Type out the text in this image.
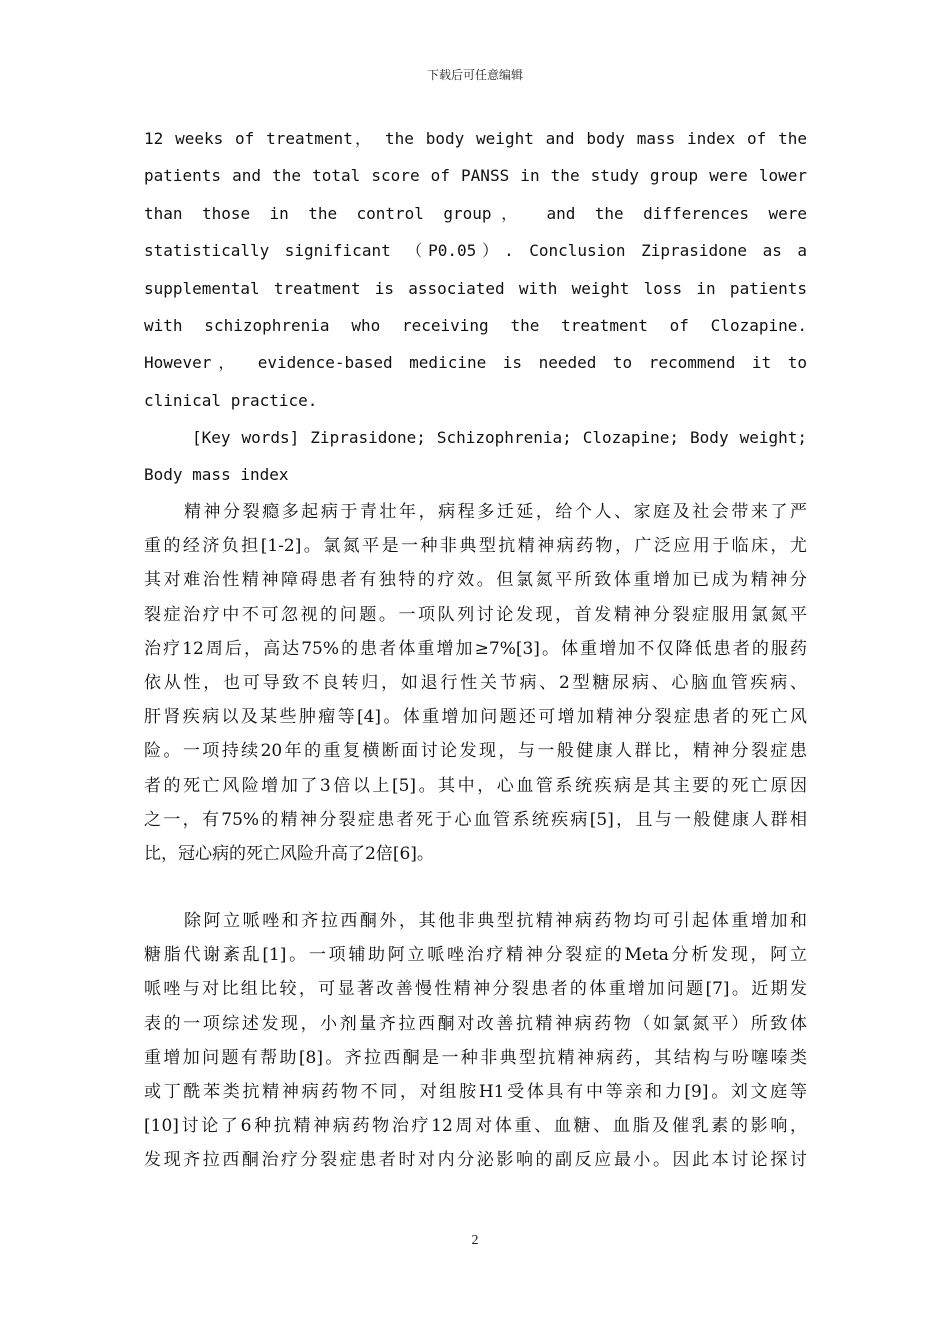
下载后可任意编辑
12 weeks of treatment， the body weight and body mass index of the
patients and the total score of PANSS in the study group were lower
than those in the control group， and the differences were
statistically significant （P0.05）. Conclusion Ziprasidone as a
supplemental treatment is associated with weight loss in patients
with schizophrenia who receiving the treatment of Clozapine.
However， evidence-based medicine is needed to recommend it to
clinical practice.
[Key words] Ziprasidone; Schizophrenia; Clozapine; Body weight;
Body mass index
精神分裂瘾多起病于青壮年，病程多迁延，给个人、家庭及社会带来了严
重的经济负担[1-2]。氯氮平是一种非典型抗精神病药物，广泛应用于临床，尤
其对难治性精神障碍患者有独特的疗效。但氯氮平所致体重增加已成为精神分
裂症治疗中不可忽视的问题。一项队列讨论发现，首发精神分裂症服用氯氮平
治疗12周后，高达75%的患者体重增加≥7%[3]。体重增加不仅降低患者的服药
依从性，也可导致不良转归，如退行性关节病、2型糖尿病、心脑血管疾病、
肝肾疾病以及某些肿瘤等[4]。体重增加问题还可增加精神分裂症患者的死亡风
险。一项持续20年的重复横断面讨论发现，与一般健康人群比，精神分裂症患
者的死亡风险增加了3倍以上[5]。其中，心血管系统疾病是其主要的死亡原因
之一，有75%的精神分裂症患者死于心血管系统疾病[5]，且与一般健康人群相
比，冠心病的死亡风险升高了2倍[6]。
除阿立哌唑和齐拉西酮外，其他非典型抗精神病药物均可引起体重增加和
糖脂代谢紊乱[1]。一项辅助阿立哌唑治疗精神分裂症的Meta分析发现，阿立
哌唑与对比组比较，可显著改善慢性精神分裂患者的体重增加问题[7]。近期发
表的一项综述发现，小剂量齐拉西酮对改善抗精神病药物（如氯氮平）所致体
重增加问题有帮助[8]。齐拉西酮是一种非典型抗精神病药，其结构与吩噻嗪类
或丁酰苯类抗精神病药物不同，对组胺H1受体具有中等亲和力[9]。刘文庭等
[10]讨论了6种抗精神病药物治疗12周对体重、血糖、血脂及催乳素的影响，
发现齐拉西酮治疗分裂症患者时对内分泌影响的副反应最小。因此本讨论探讨
2
